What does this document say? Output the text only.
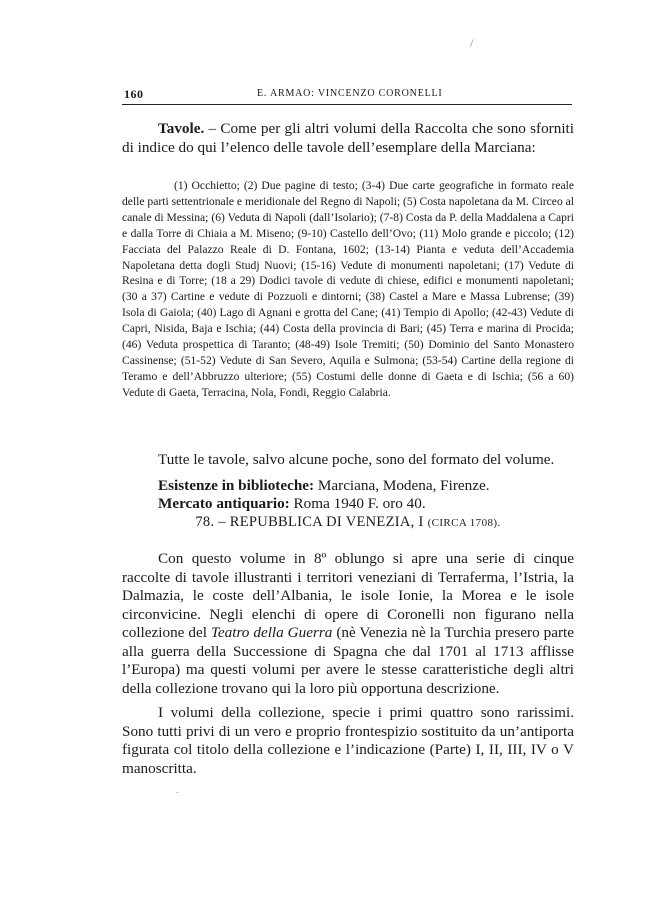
/
160	E. ARMAO: VINCENZO CORONELLI

Tavole. – Come per gli altri volumi della Raccolta che sono sforniti di indice do qui l’elenco delle tavole dell’esemplare della Marciana:

(1) Occhietto; (2) Due pagine di testo; (3-4) Due carte geografiche in formato reale delle parti settentrionale e meridionale del Regno di Napoli; (5) Costa napoletana da M. Circeo al canale di Messina; (6) Veduta di Napoli (dall’Isolario); (7-8) Costa da P. della Maddalena a Capri e dalla Torre di Chiaia a M. Miseno; (9-10) Castello dell’Ovo; (11) Molo grande e piccolo; (12) Facciata del Palazzo Reale di D. Fontana, 1602; (13-14) Pianta e veduta dell’Accademia Napoletana detta dogli Studj Nuovi; (15-16) Vedute di monumenti napoletani; (17) Vedute di Resina e di Torre; (18 a 29) Dodici tavole di vedute di chiese, edifici e monumenti napoletani; (30 a 37) Cartine e vedute di Pozzuoli e dintorni; (38) Castel a Mare e Massa Lubrense; (39) Isola di Gaiola; (40) Lago di Agnani e grotta del Cane; (41) Tempio di Apollo; (42-43) Vedute di Capri, Nisida, Baja e Ischia; (44) Costa della provincia di Bari; (45) Terra e marina di Procida; (46) Veduta prospettica di Taranto; (48-49) Isole Tremiti; (50) Dominio del Santo Monastero Cassinense; (51-52) Vedute di San Severo, Aquila e Sulmona; (53-54) Cartine della regione di Teramo e dell’Abbruzzo ulteriore; (55) Costumi delle donne di Gaeta e di Ischia; (56 a 60) Vedute di Gaeta, Terracina, Nola, Fondi, Reggio Calabria.

Tutte le tavole, salvo alcune poche, sono del formato del volume.

Esistenze in biblioteche: Marciana, Modena, Firenze.

Mercato antiquario: Roma 1940 F. oro 40.

78. – REPUBBLICA DI VENEZIA, I (CIRCA 1708).

Con questo volume in 8º oblungo si apre una serie di cinque raccolte di tavole illustranti i territori veneziani di Terraferma, l’Istria, la Dalmazia, le coste dell’Albania, le isole Ionie, la Morea e le isole circonvicine. Negli elenchi di opere di Coronelli non figurano nella collezione del Teatro della Guerra (nè Venezia nè la Turchia presero parte alla guerra della Successione di Spagna che dal 1701 al 1713 afflisse l’Europa) ma questi volumi per avere le stesse caratteristiche degli altri della collezione trovano qui la loro più opportuna descrizione.

I volumi della collezione, specie i primi quattro sono rarissimi. Sono tutti privi di un vero e proprio frontespizio sostituito da un’antiporta figurata col titolo della collezione e l’indicazione (Parte) I, II, III, IV o V manoscritta.

.
